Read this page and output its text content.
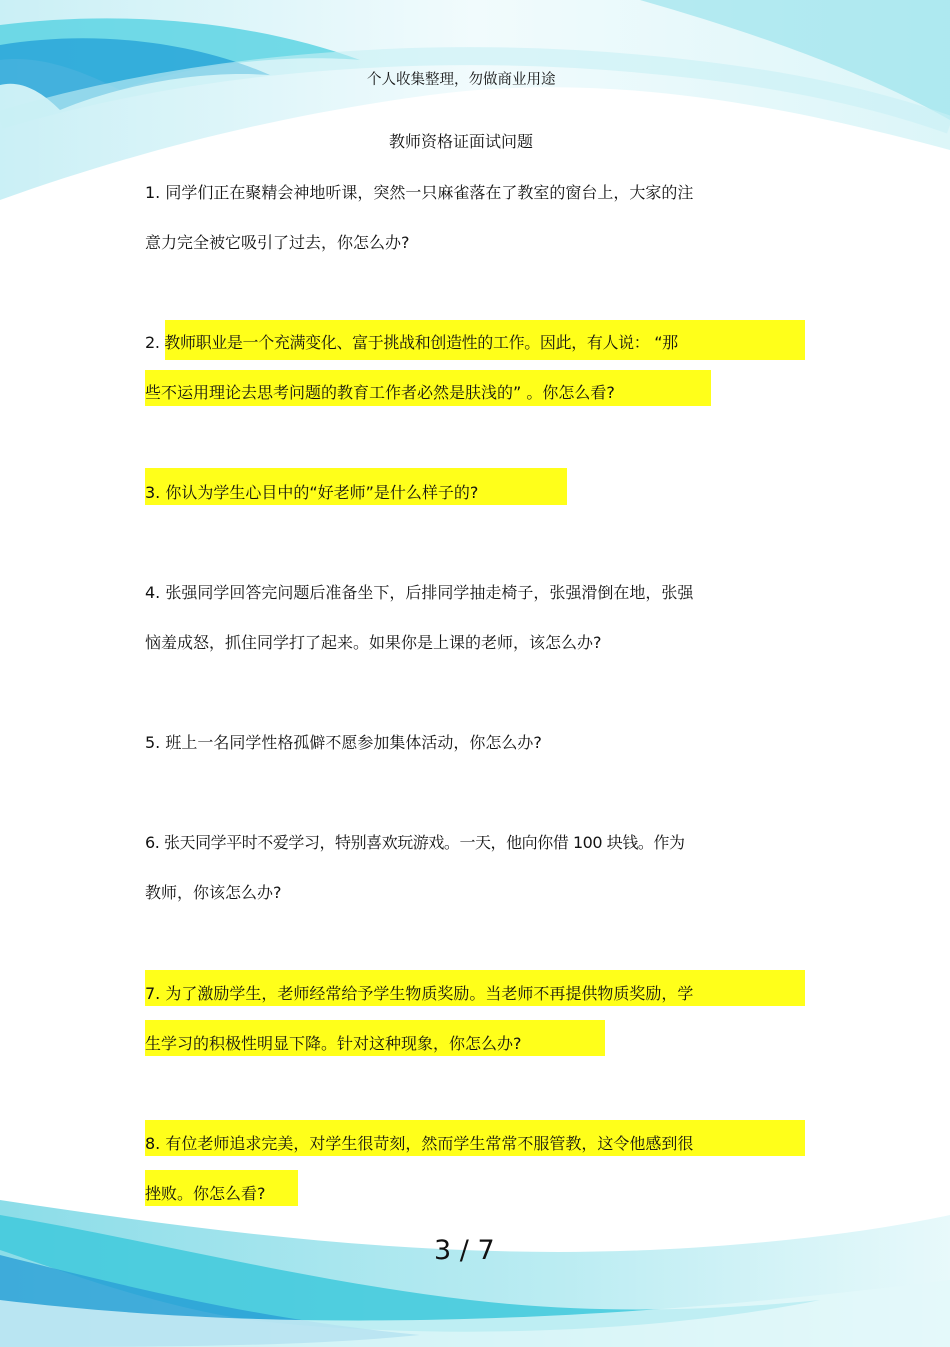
个人收集整理，勿做商业用途
教师资格证面试问题
1. 同学们正在聚精会神地听课，突然一只麻雀落在了教室的窗台上，大家的注
意力完全被它吸引了过去，你怎么办?
2. 教师职业是一个充满变化、富于挑战和创造性的工作。因此，有人说： “那
些不运用理论去思考问题的教育工作者必然是肤浅的” 。你怎么看?
3. 你认为学生心目中的“好老师”是什么样子的?
4. 张强同学回答完问题后准备坐下，后排同学抽走椅子，张强滑倒在地，张强
恼羞成怒，抓住同学打了起来。如果你是上课的老师，该怎么办?
5. 班上一名同学性格孤僻不愿参加集体活动，你怎么办?
6. 张天同学平时不爱学习，特别喜欢玩游戏。一天，他向你借 100 块钱。作为
教师，你该怎么办?
7. 为了激励学生，老师经常给予学生物质奖励。当老师不再提供物质奖励，学
生学习的积极性明显下降。针对这种现象，你怎么办?
8. 有位老师追求完美，对学生很苛刻，然而学生常常不服管教，这令他感到很
挫败。你怎么看?
3 / 7
